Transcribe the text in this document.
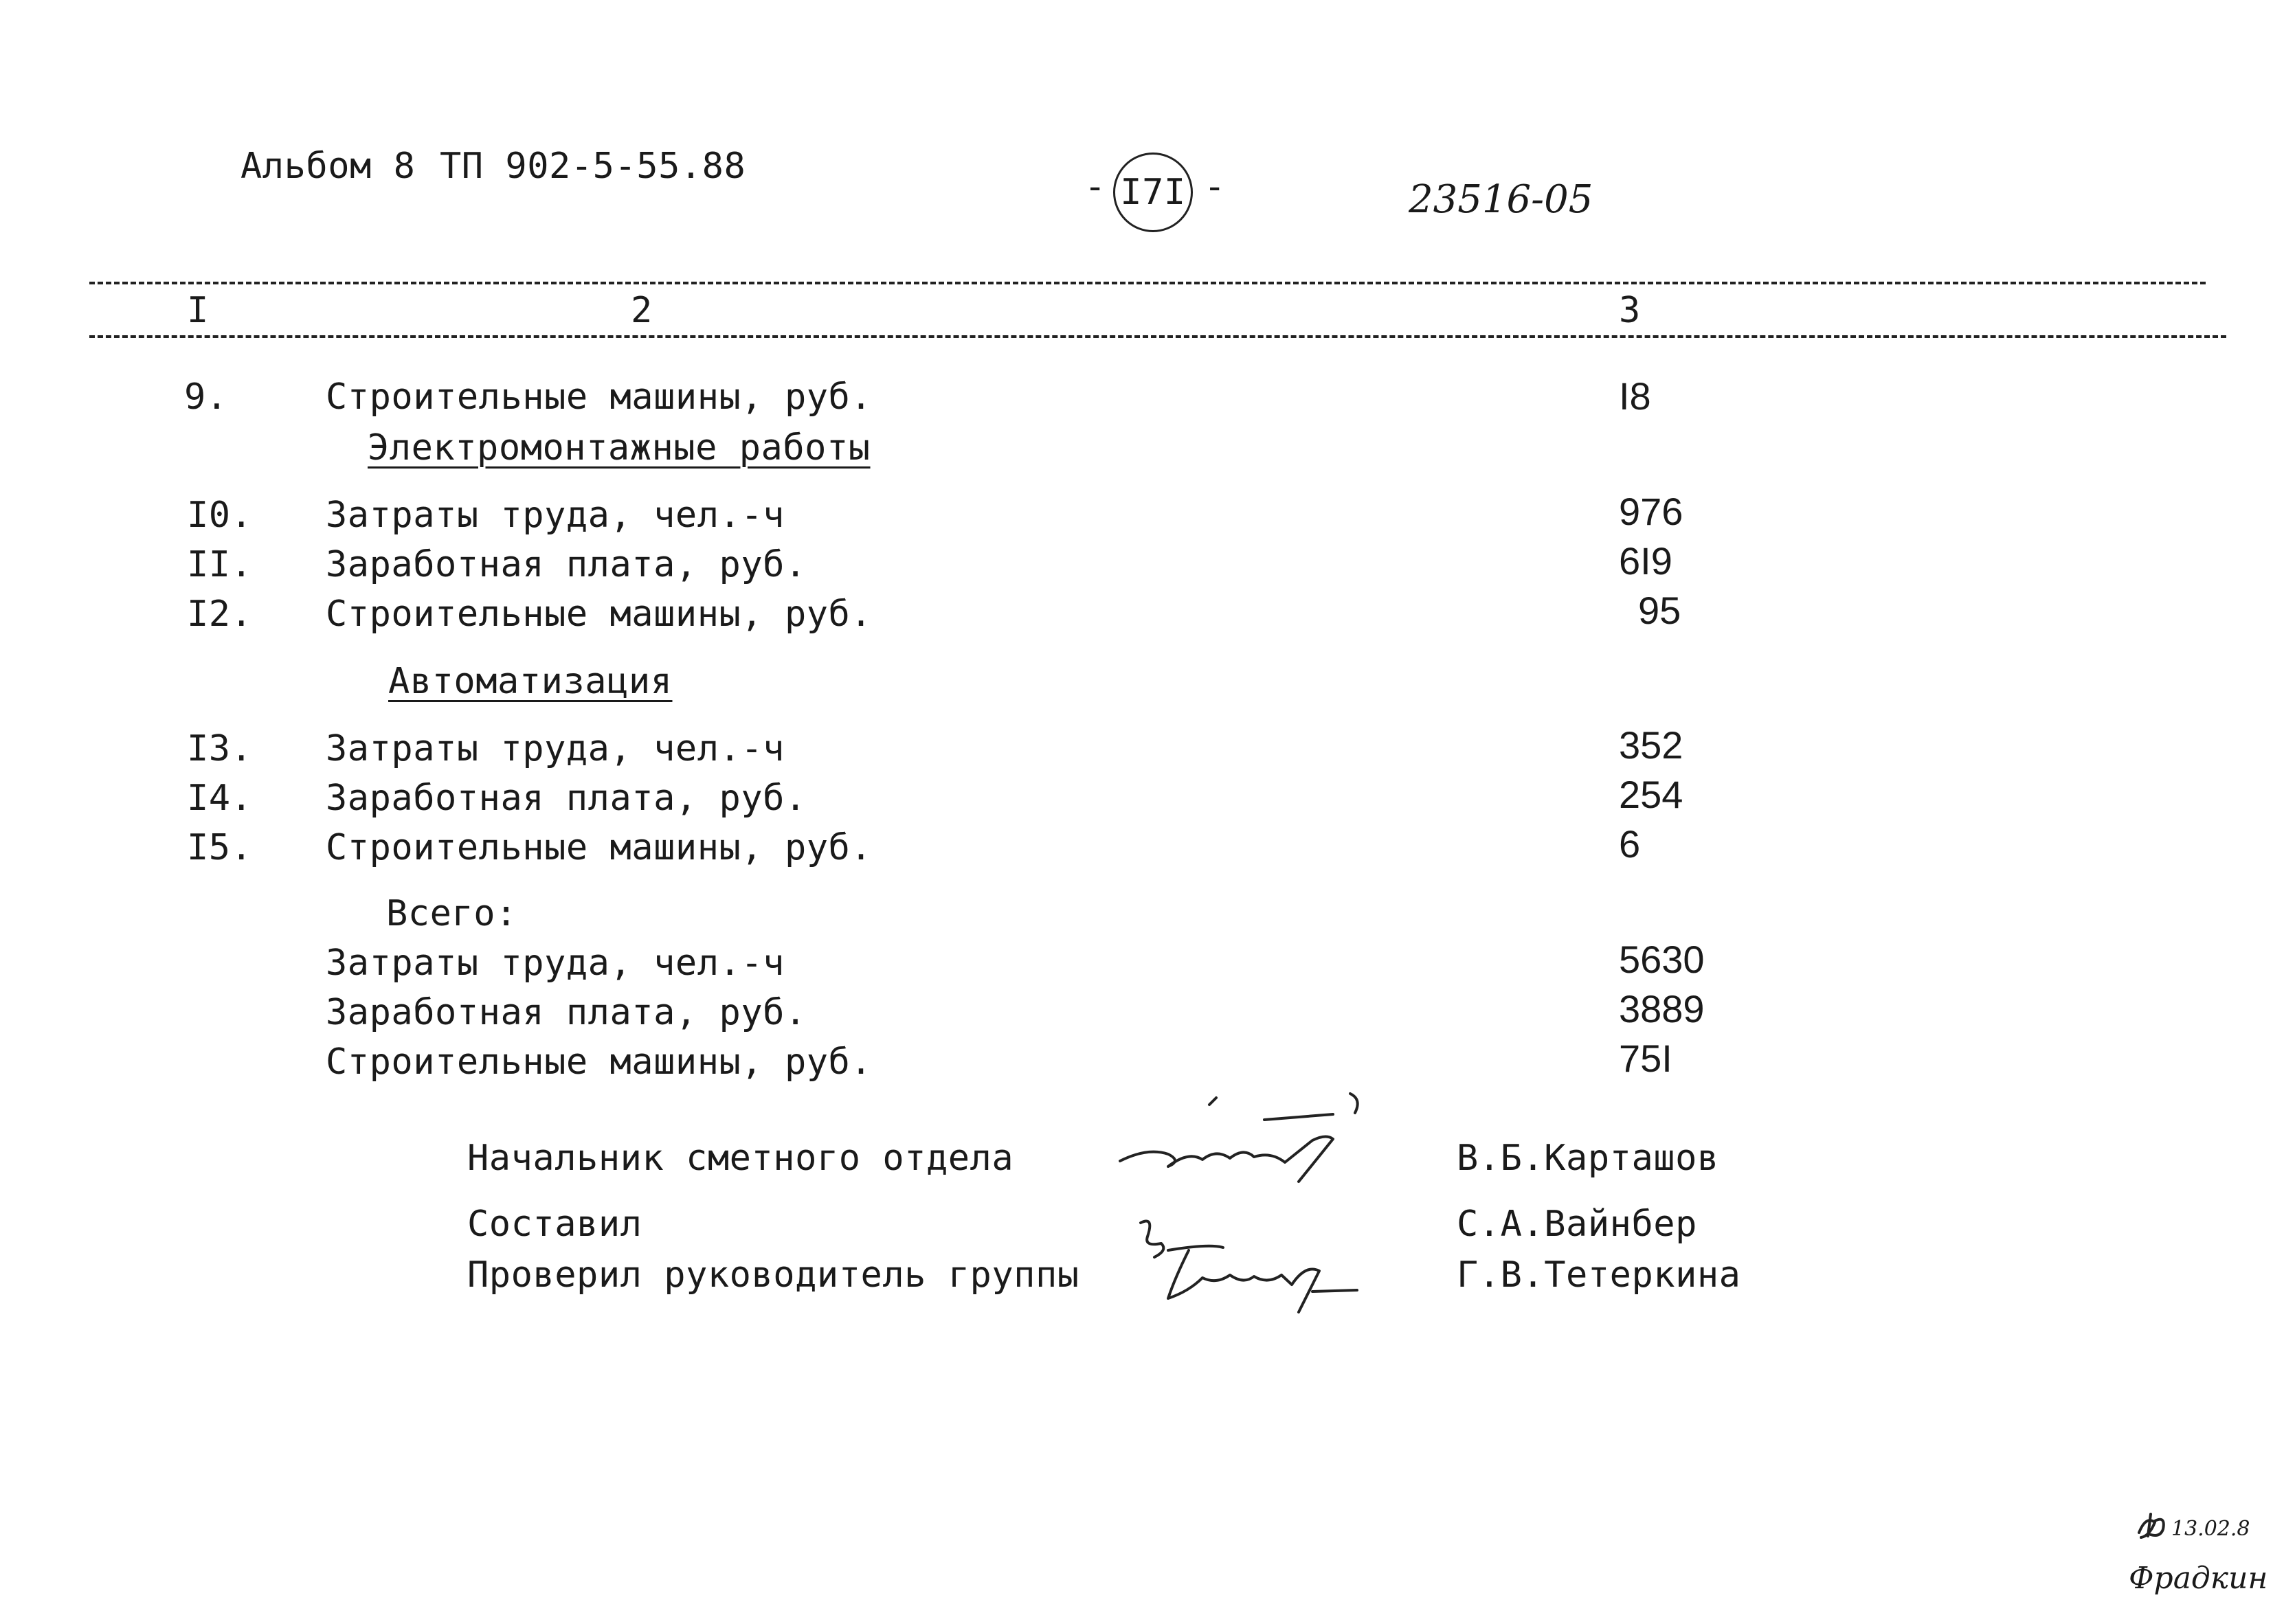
Альбом 8 ТП 902-5-55.88	- I7I -	23516-05
I	2	3
9.	Строительные машины, руб.	I8
Электромонтажные работы
I0. Затраты труда, чел.-ч	976
II. Заработная плата, руб.	6I9
I2. Строительные машины, руб.	95
Автоматизация
I3. Затраты труда, чел.-ч	352
I4. Заработная плата, руб.	254
I5. Строительные машины, руб.	6
Всего:
Затраты труда, чел.-ч	5630
Заработная плата, руб.	3889
Строительные машины, руб.	75I
Начальник сметного отдела	В.Б.Карташов
Составил	С.А.Вайнбер
Проверил руководитель группы	Г.В.Тетеркина
13.02.8
Фрадкин
